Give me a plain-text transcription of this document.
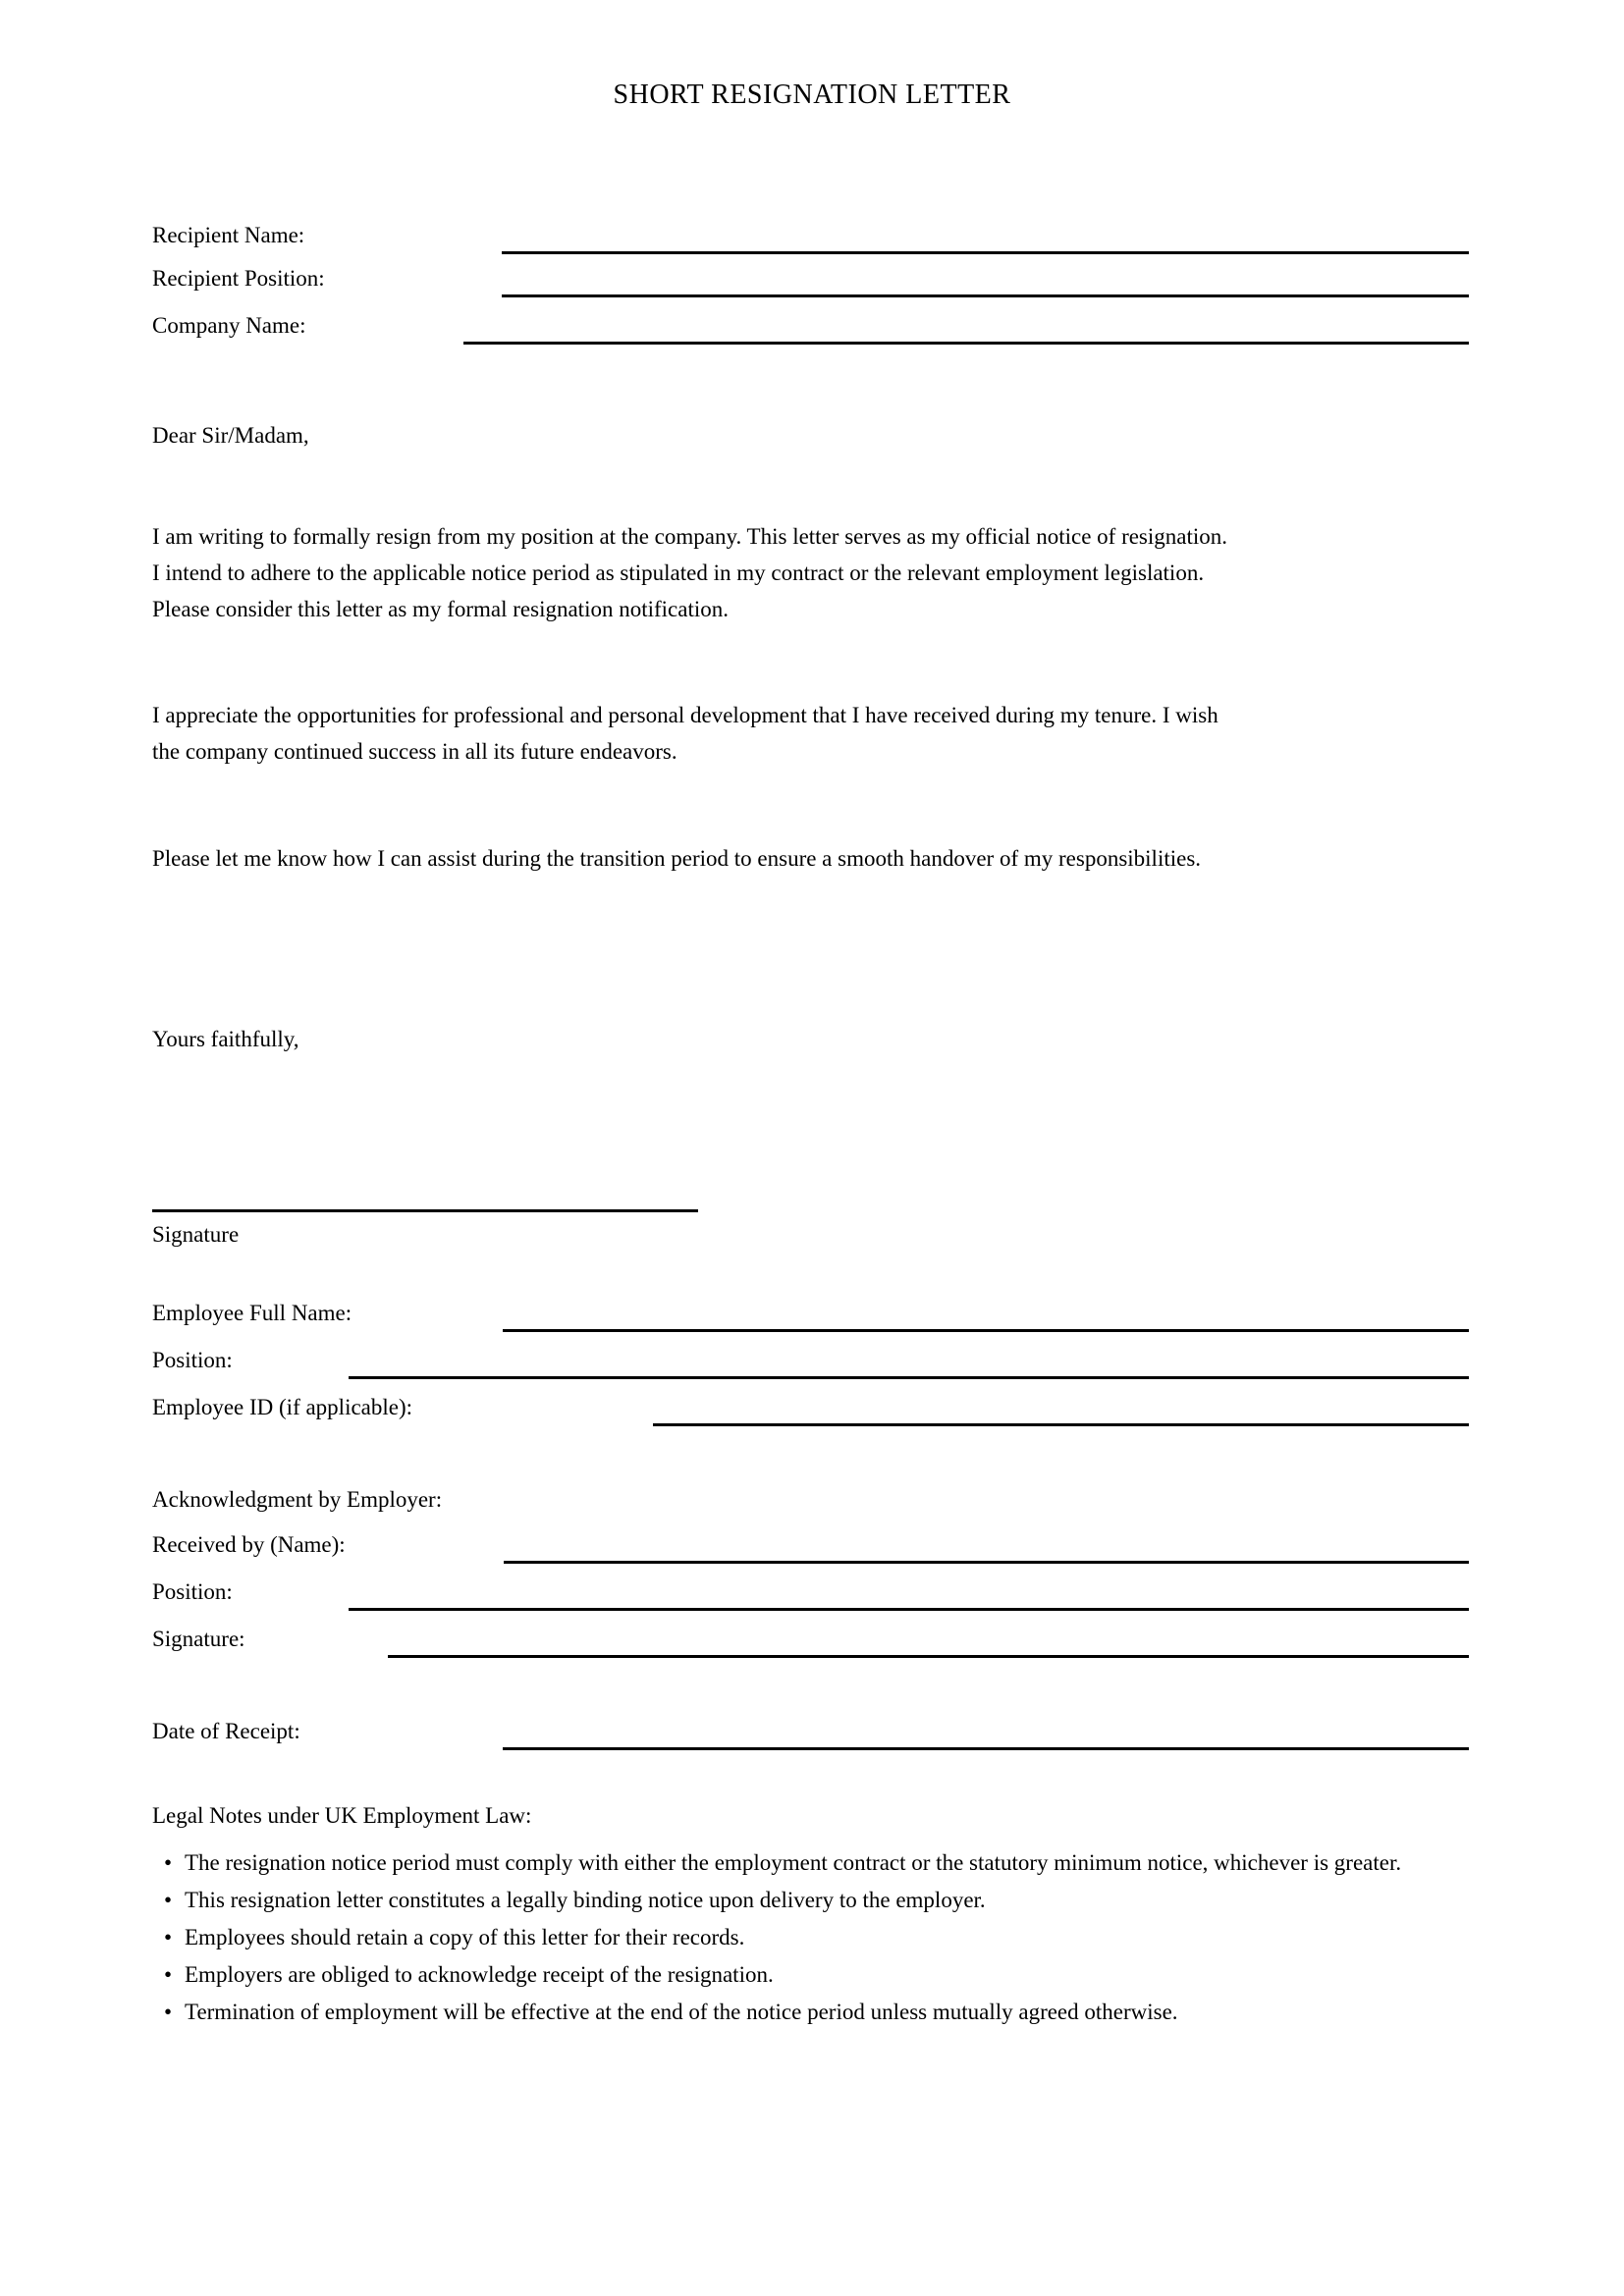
SHORT RESIGNATION LETTER
Recipient Name:
Recipient Position:
Company Name:
Dear Sir/Madam,
I am writing to formally resign from my position at the company. This letter serves as my official notice of resignation.
I intend to adhere to the applicable notice period as stipulated in my contract or the relevant employment legislation.
Please consider this letter as my formal resignation notification.
I appreciate the opportunities for professional and personal development that I have received during my tenure. I wish
the company continued success in all its future endeavors.
Please let me know how I can assist during the transition period to ensure a smooth handover of my responsibilities.
Yours faithfully,
Signature
Employee Full Name:
Position:
Employee ID (if applicable):
Acknowledgment by Employer:
Received by (Name):
Position:
Signature:
Date of Receipt:
Legal Notes under UK Employment Law:
• The resignation notice period must comply with either the employment contract or the statutory minimum notice, whichever is greater.
• This resignation letter constitutes a legally binding notice upon delivery to the employer.
• Employees should retain a copy of this letter for their records.
• Employers are obliged to acknowledge receipt of the resignation.
• Termination of employment will be effective at the end of the notice period unless mutually agreed otherwise.
